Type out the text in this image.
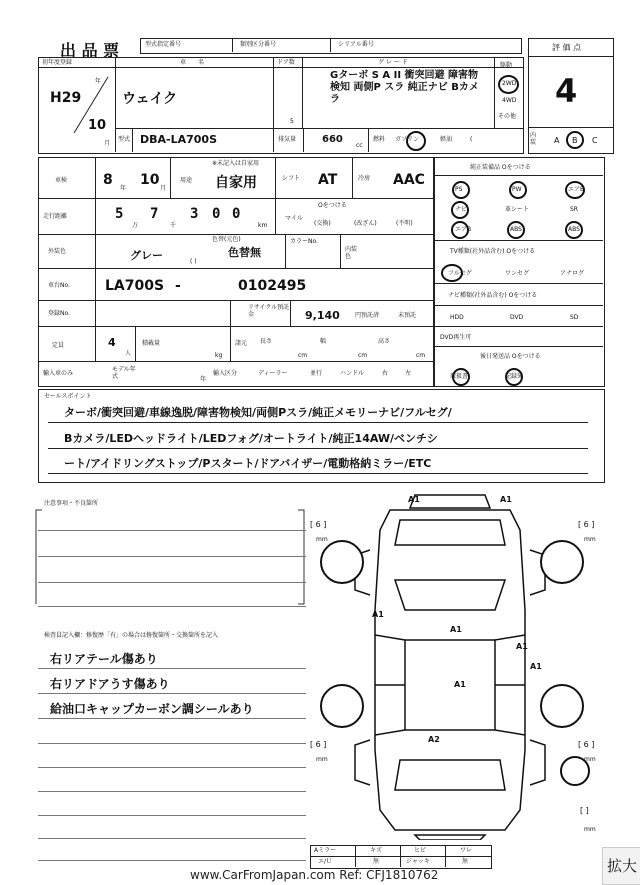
出 品 票	型式指定番号	類別区分番号	シリアル番号	評 価 点
4
内装	A B C
初年度登録
H29
年
10
月
車　　名
ウェイク
型式 DBA-LA700S
ドア数
5
グ レ ー ド
Gターボ S A II 衝突回避 障害物検知 両側P スラ 純正ナビ Bカメラ
駆動
2WD
4WD
その他
排気量	660
cc
燃料 ガソリン	軽油	(
車検	8
年
10
月
用途
※未記入は自家用
自家用	シフト AT	冷房 AAC
走行距離	5
万
7
千
3 0 0
km
マイル
Oをつける
(交換)	(改ざん)	(不明)
外装色	グレー
色替(元色)
色替無
( )
カラーNo.
内装色
車台No.	LA700S -	0102495
登録No.
リサイクル預託金	9,140	円預託済	未預託
定員	4
人
積載量
kg
諸元 長さ
cm
幅
cm
高さ
cm
輸入車のみ
モデル年式	年
輸入区分	ディーラー	並行	ハンドル	右	左
純正装備品 Oをつける
PS	PW	エアB
ナビ	革シート	SR
エアB	ABS	ABS
TV種類(社外品含む) Oをつける
フルセグ	ワンセグ	アナログ
ナビ種類(社外品含む) Oをつける
HDD	DVD	SD
DVD再生可
後日発送品 Oをつける
取扱書	記録簿
セールスポイント
ターボ/衝突回避/車線逸脱/障害物検知/両側Pスラ/純正メモリーナビ/フルセグ/
Bカメラ/LEDヘッドライト/LEDフォグ/オートライト/純正14AW/ベンチシ
ート/アイドリングストップ/Pスタート/ドアバイザー/電動格納ミラー/ETC
注意事項・不良箇所
検査員記入欄：修復歴「有」の場合は修復箇所・交換箇所を記入
右リアテール傷あり
右リアドアうす傷あり
給油口キャップカーボン調シールあり
A1	A1
A1
A1
A1
A1
A1
A2
[ 6 ]
mm
[ 6 ]
mm
[ 6 ]
mm
[ 6 ]
mm
[ ]
mm
Aミラー	キズ	ヒビ	ワレ
エ/Ｕ	無	ジャッキ	無
www.CarFromJapan.com Ref: CFJ1810762	拡大
